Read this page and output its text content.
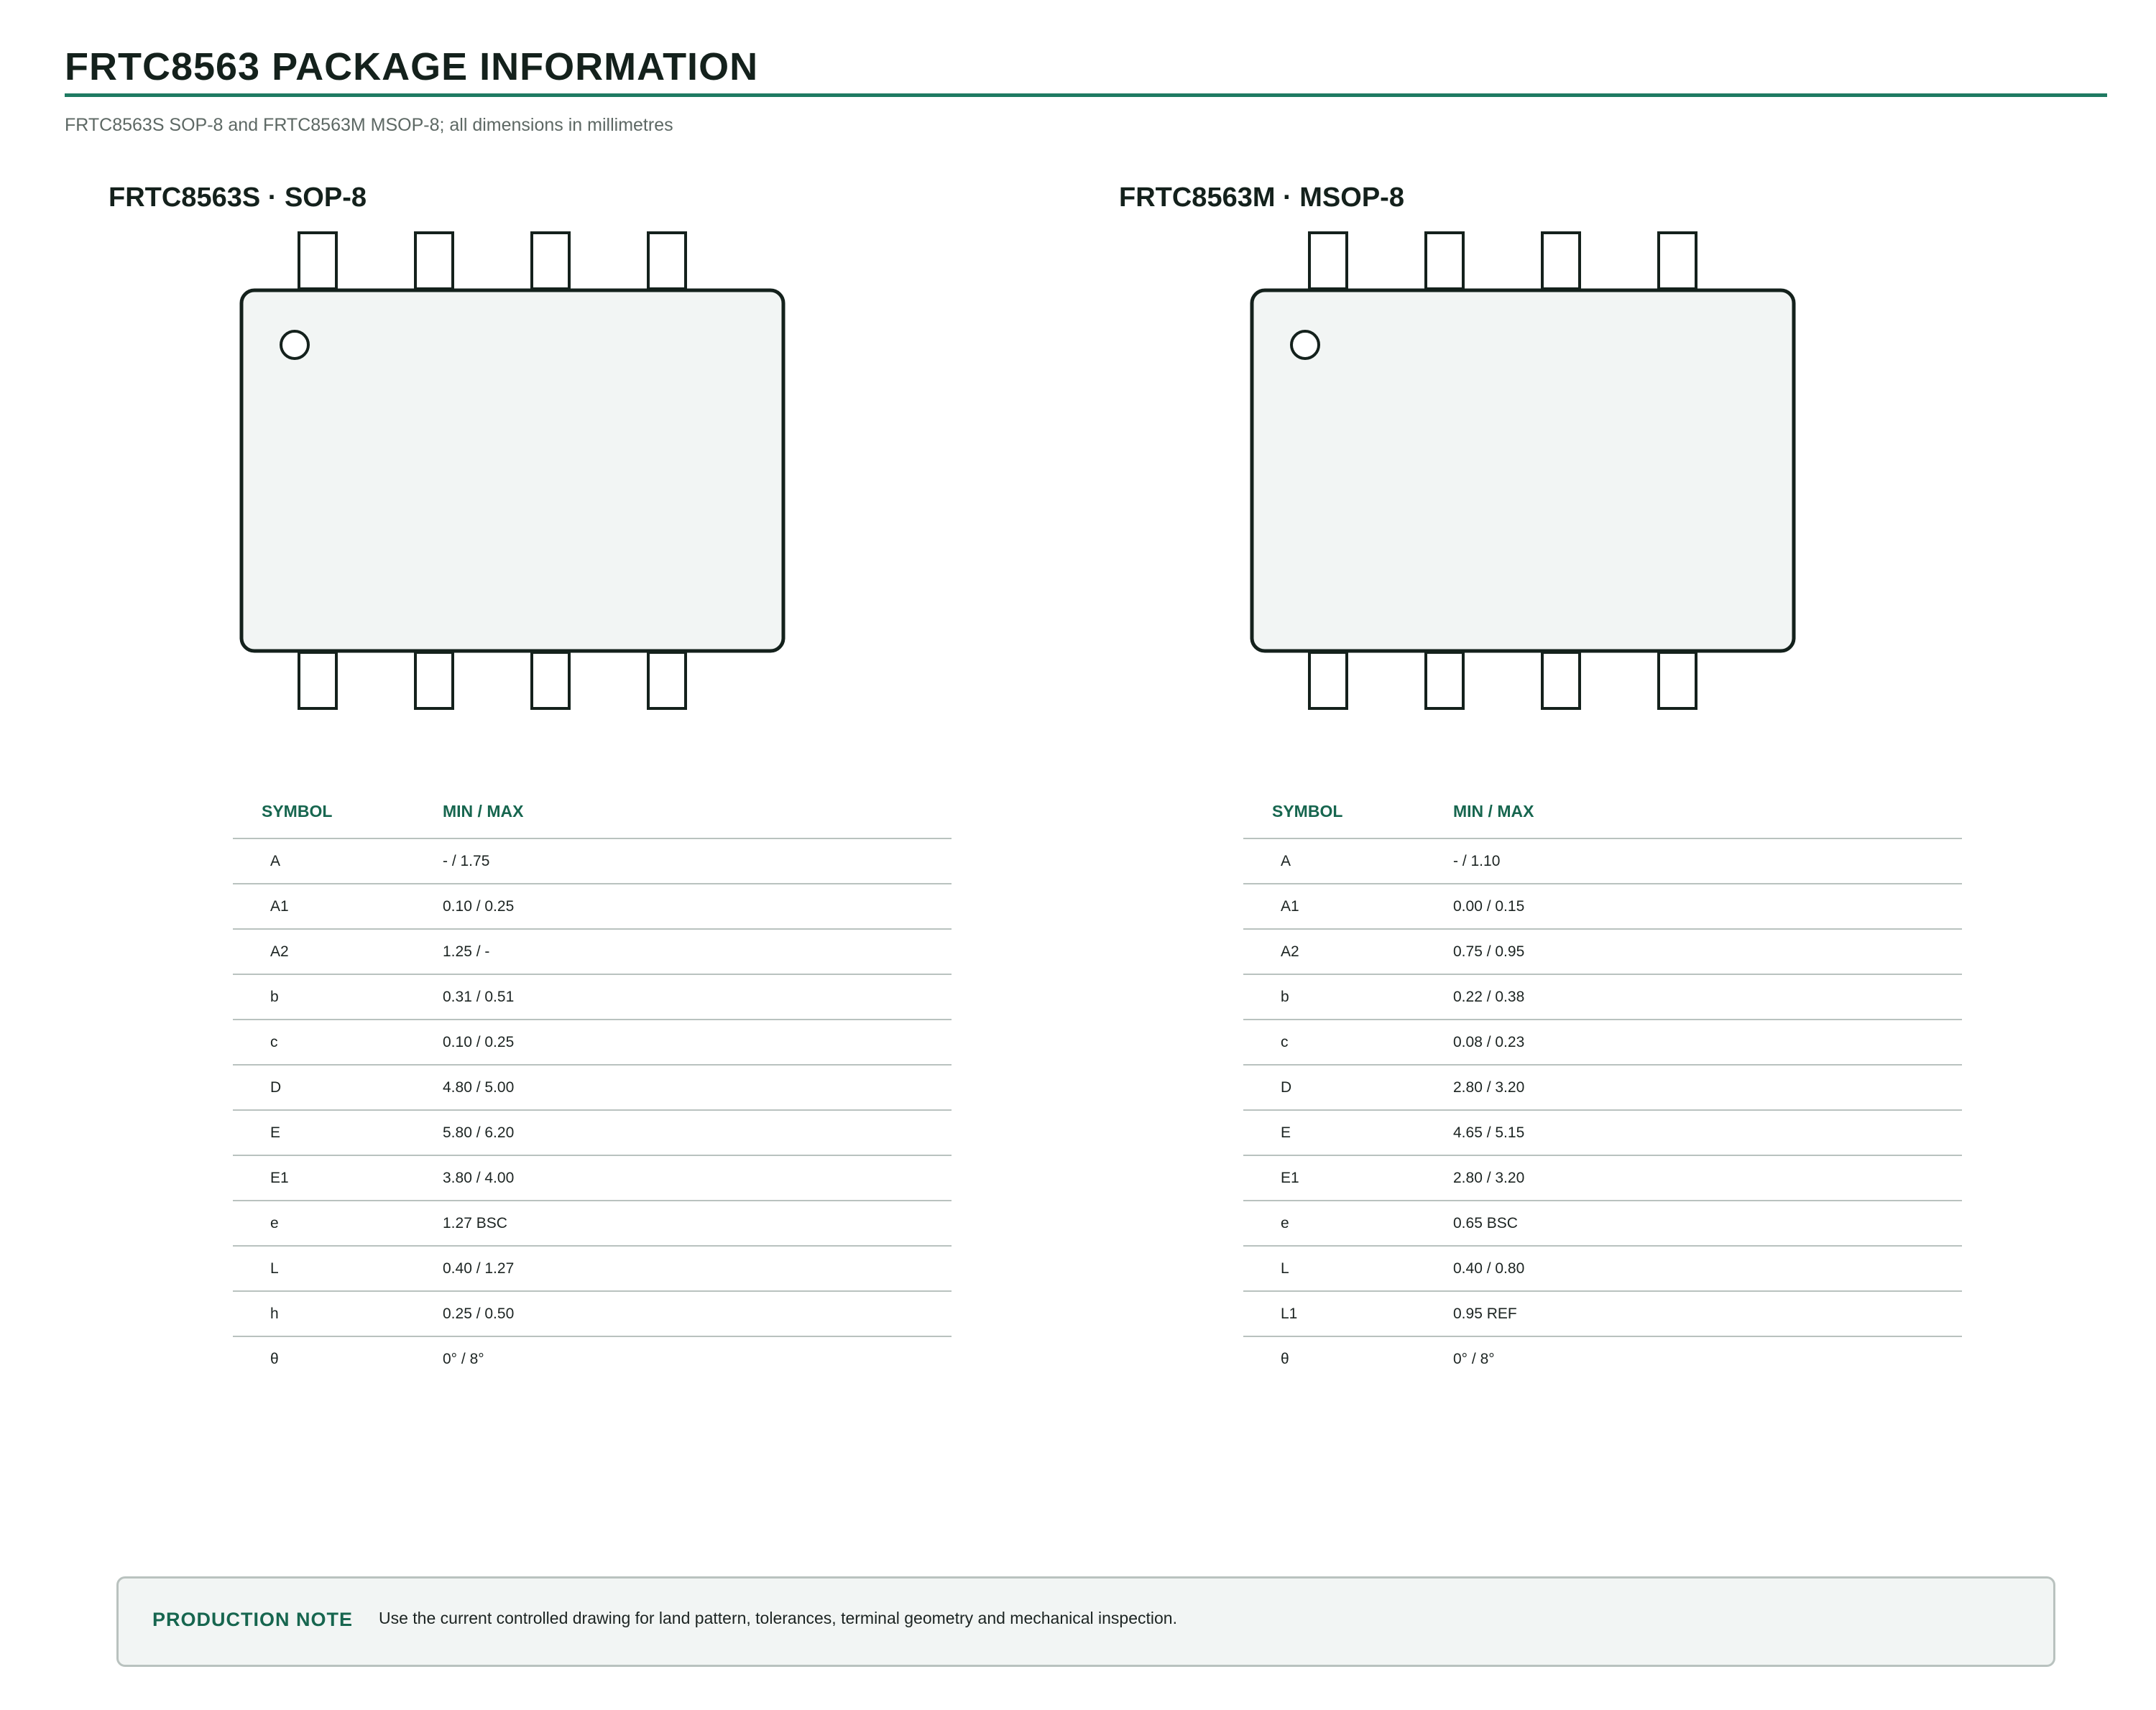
FRTC8563 PACKAGE INFORMATION
FRTC8563S SOP-8 and FRTC8563M MSOP-8; all dimensions in millimetres
FRTC8563S · SOP-8
SYMBOL	MIN / MAX
A	- / 1.75
A1	0.10 / 0.25
A2	1.25 / -
b	0.31 / 0.51
c	0.10 / 0.25
D	4.80 / 5.00
E	5.80 / 6.20
E1	3.80 / 4.00
e	1.27 BSC
L	0.40 / 1.27
h	0.25 / 0.50
θ	0° / 8°
FRTC8563M · MSOP-8
SYMBOL	MIN / MAX
A	- / 1.10
A1	0.00 / 0.15
A2	0.75 / 0.95
b	0.22 / 0.38
c	0.08 / 0.23
D	2.80 / 3.20
E	4.65 / 5.15
E1	2.80 / 3.20
e	0.65 BSC
L	0.40 / 0.80
L1	0.95 REF
θ	0° / 8°
PRODUCTION NOTE Use the current controlled drawing for land pattern, tolerances, terminal geometry and mechanical inspection.
